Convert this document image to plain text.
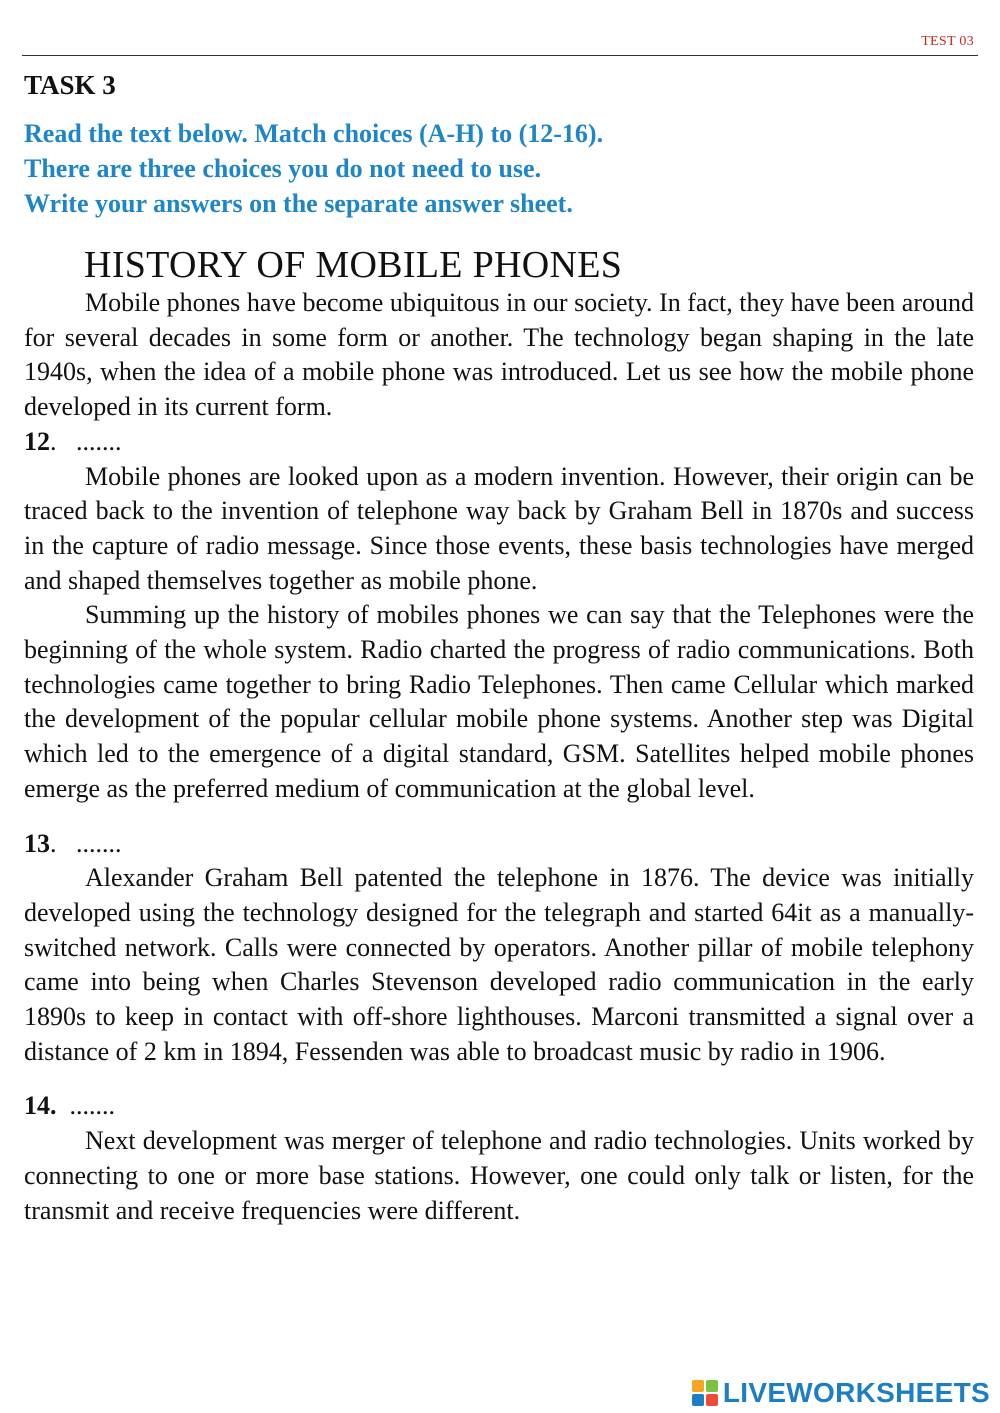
TEST 03
TASK 3
Read the text below. Match choices (A-H) to (12-16).
There are three choices you do not need to use.
Write your answers on the separate answer sheet.
HISTORY OF MOBILE PHONES

Mobile phones have become ubiquitous in our society. In fact, they have been around for several decades in some form or another. The technology began shaping in the late 1940s, when the idea of a mobile phone was introduced. Let us see how the mobile phone developed in its current form.

12. .......

Mobile phones are looked upon as a modern invention. However, their origin can be traced back to the invention of telephone way back by Graham Bell in 1870s and success in the capture of radio message. Since those events, these basis technologies have merged and shaped themselves together as mobile phone.

Summing up the history of mobiles phones we can say that the Telephones were the beginning of the whole system. Radio charted the progress of radio communications. Both technologies came together to bring Radio Telephones. Then came Cellular which marked the development of the popular cellular mobile phone systems. Another step was Digital which led to the emergence of a digital standard, GSM. Satellites helped mobile phones emerge as the preferred medium of communication at the global level.

13. .......

Alexander Graham Bell patented the telephone in 1876. The device was initially developed using the technology designed for the telegraph and started 64it as a manually-switched network. Calls were connected by operators. Another pillar of mobile telephony came into being when Charles Stevenson developed radio communication in the early 1890s to keep in contact with off-shore lighthouses. Marconi transmitted a signal over a distance of 2 km in 1894, Fessenden was able to broadcast music by radio in 1906.

14. .......

Next development was merger of telephone and radio technologies. Units worked by connecting to one or more base stations. However, one could only talk or listen, for the transmit and receive frequencies were different.

LIVEWORKSHEETS
